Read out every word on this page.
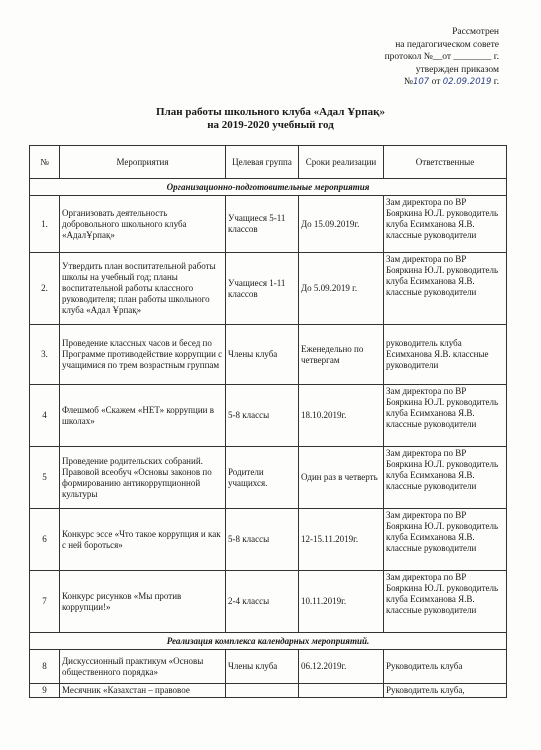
Рассмотрен
на педагогическом совете
протокол №__от ________ г.
утвержден приказом
№107 от 02.09.2019 г.
План работы школьного клуба «Адал Ұрпақ»
на 2019-2020 учебный год
№	Мероприятия	Целевая группа	Сроки реализации	Ответственные
Организационно-подготовительные мероприятия				
1.	Организовать деятельность добровольного школьного клуба «АдалҰрпақ»	Учащиеся 5-11 классов	До 15.09.2019г.	Зам директора по ВР Бояркина Ю.Л. руководитель клуба Есимханова Я.В. классные руководители
2.	Утвердить план воспитательной работы школы на учебный год; планы воспитательной работы классного руководителя; план работы школьного клуба «Адал Ұрпақ»	Учащиеся 1-11 классов	До 5.09.2019 г.	Зам директора по ВР Бояркина Ю.Л. руководитель клуба Есимханова Я.В. классные руководители
3.	Проведение классных часов и бесед по Программе противодействие коррупции с учащимися по трем возрастным группам	Члены клуба	Еженедельно по четвергам	руководитель клуба Есимханова Я.В. классные руководители
4	Флешмоб «Скажем «НЕТ» коррупции в школах»	5-8 классы	18.10.2019г.	Зам директора по ВР Бояркина Ю.Л. руководитель клуба Есимханова Я.В. классные руководители
5	Проведение родительских собраний. Правовой всеобуч «Основы законов по формированию антикоррупционной культуры	Родители учащихся.	Один раз в четверть	Зам директора по ВР Бояркина Ю.Л. руководитель клуба Есимханова Я.В. классные руководители
6	Конкурс эссе «Что такое коррупция и как с ней бороться»	5-8 классы	12-15.11.2019г.	Зам директора по ВР Бояркина Ю.Л. руководитель клуба Есимханова Я.В. классные руководители
7	Конкурс рисунков «Мы против коррупции!»	2-4 классы	10.11.2019г.	Зам директора по ВР Бояркина Ю.Л. руководитель клуба Есимханова Я.В. классные руководители
Реализация комплекса календарных мероприятий.				
8	Дискуссионный практикум «Основы общественного порядка»	Члены клуба	06.12.2019г.	Руководитель клуба
9	Месячник «Казахстан – правовое			Руководитель клуба,
